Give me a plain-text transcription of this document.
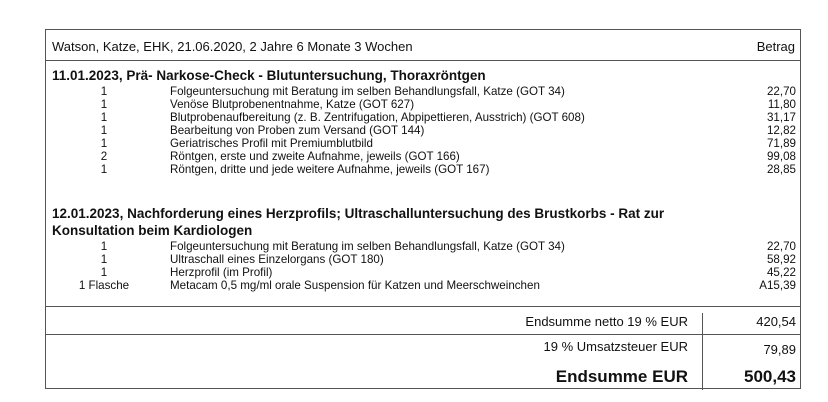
Watson, Katze, EHK, 21.06.2020, 2 Jahre 6 Monate 3 Wochen	Betrag
11.01.2023, Prä- Narkose-Check - Blutuntersuchung, Thoraxröntgen
1	Folgeuntersuchung mit Beratung im selben Behandlungsfall, Katze (GOT 34)	22,70
1	Venöse Blutprobenentnahme, Katze (GOT 627)	11,80
1	Blutprobenaufbereitung (z. B. Zentrifugation, Abpipettieren, Ausstrich) (GOT 608)	31,17
1	Bearbeitung von Proben zum Versand (GOT 144)	12,82
1	Geriatrisches Profil mit Premiumblutbild	71,89
2	Röntgen, erste und zweite Aufnahme, jeweils (GOT 166)	99,08
1	Röntgen, dritte und jede weitere Aufnahme, jeweils (GOT 167)	28,85
12.01.2023, Nachforderung eines Herzprofils; Ultraschalluntersuchung des Brustkorbs - Rat zur
Konsultation beim Kardiologen
1	Folgeuntersuchung mit Beratung im selben Behandlungsfall, Katze (GOT 34)	22,70
1	Ultraschall eines Einzelorgans (GOT 180)	58,92
1	Herzprofil (im Profil)	45,22
1 Flasche	Metacam 0,5 mg/ml orale Suspension für Katzen und Meerschweinchen	A15,39
Endsumme netto 19 % EUR	420,54
19 % Umsatzsteuer EUR	79,89
Endsumme EUR	500,43
